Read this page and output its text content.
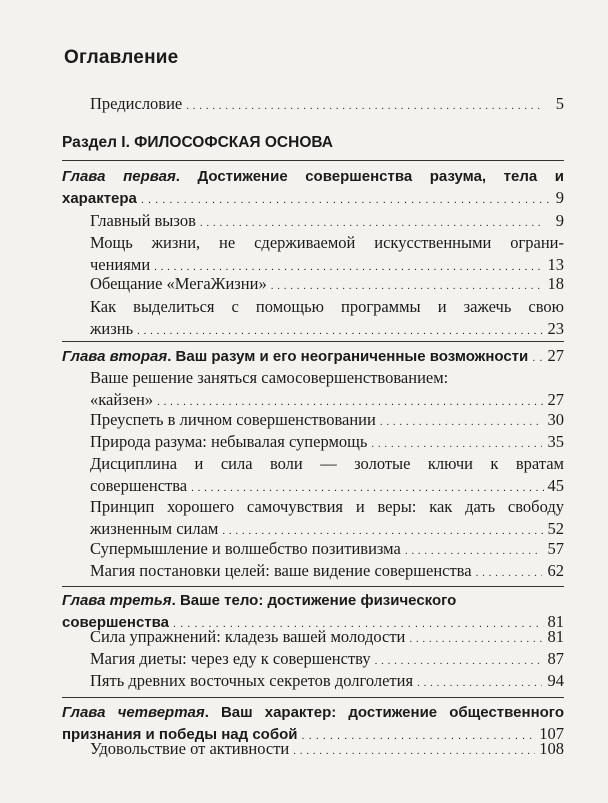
Оглавление
Предисловие . . .	5
Раздел I. ФИЛОСОФСКАЯ ОСНОВА
Глава первая. Достижение совершенства разума, тела и
характера . . .	9
Главный вызов . . .	9
Мощь жизни, не сдерживаемой искусственными ограни-
чениями . . .	13
Обещание «МегаЖизни» . . .	18
Как выделиться с помощью программы и зажечь свою
жизнь . . .	23
Глава вторая. Ваш разум и его неограниченные возможности . . . 27
Ваше решение заняться самосовершенствованием:
«кайзен» . . .	27
Преуспеть в личном совершенствовании . . .	30
Природа разума: небывалая супермощь . . .	35
Дисциплина и сила воли — золотые ключи к вратам
совершенства . . .	45
Принцип хорошего самочувствия и веры: как дать свободу
жизненным силам . . .	52
Супермышление и волшебство позитивизма . . .	57
Магия постановки целей: ваше видение совершенства . . .	62
Глава третья. Ваше тело: достижение физического
совершенства . . .	81
Сила упражнений: кладезь вашей молодости . . .	81
Магия диеты: через еду к совершенству . . .	87
Пять древних восточных секретов долголетия . . .	94
Глава четвертая. Ваш характер: достижение общественного
признания и победы над собой . . .	107
Удовольствие от активности . . .	108
